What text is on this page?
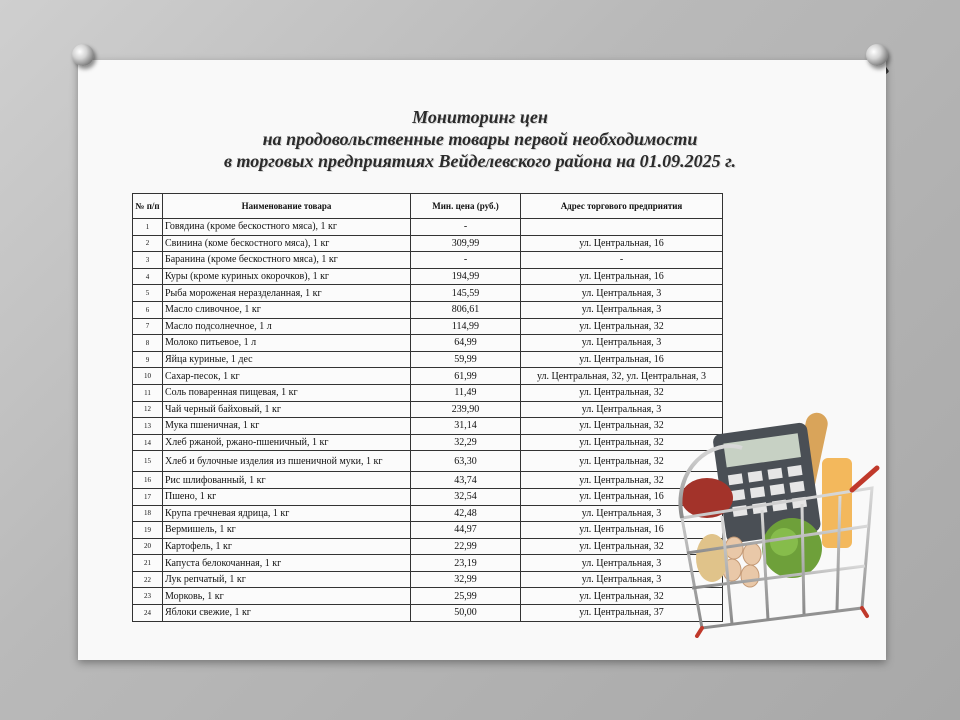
Мониторинг цен
на продовольственные товары первой необходимости
в торговых предприятиях Вейделевского района на 01.09.2025 г.
№ п/п	Наименование товара	Мин. цена (руб.)	Адрес торгового предприятия
1	Говядина (кроме бескостного мяса), 1 кг	-	
2	Свинина (коме бескостного мяса), 1 кг	309,99	ул. Центральная, 16
3	Баранина (кроме бескостного мяса), 1 кг	-	-
4	Куры (кроме куриных окорочков), 1 кг	194,99	ул. Центральная, 16
5	Рыба мороженая неразделанная, 1 кг	145,59	ул. Центральная, 3
6	Масло сливочное, 1 кг	806,61	ул. Центральная, 3
7	Масло подсолнечное, 1 л	114,99	ул. Центральная, 32
8	Молоко питьевое, 1 л	64,99	ул. Центральная, 3
9	Яйца куриные, 1 дес	59,99	ул. Центральная, 16
10	Сахар-песок, 1 кг	61,99	ул. Центральная, 32, ул. Центральная, 3
11	Соль поваренная пищевая, 1 кг	11,49	ул. Центральная, 32
12	Чай черный байховый, 1 кг	239,90	ул. Центральная, 3
13	Мука пшеничная, 1 кг	31,14	ул. Центральная, 32
14	Хлеб ржаной, ржано-пшеничный, 1 кг	32,29	ул. Центральная, 32
15	Хлеб и булочные изделия из пшеничной муки, 1 кг	63,30	ул. Центральная, 32
16	Рис шлифованный, 1 кг	43,74	ул. Центральная, 32
17	Пшено, 1 кг	32,54	ул. Центральная, 16
18	Крупа гречневая ядрица, 1 кг	42,48	ул. Центральная, 3
19	Вермишель, 1 кг	44,97	ул. Центральная, 16
20	Картофель, 1 кг	22,99	ул. Центральная, 32
21	Капуста белокочанная, 1 кг	23,19	ул. Центральная, 3
22	Лук репчатый, 1 кг	32,99	ул. Центральная, 3
23	Морковь, 1 кг	25,99	ул. Центральная, 32
24	Яблоки свежие, 1 кг	50,00	ул. Центральная, 37
